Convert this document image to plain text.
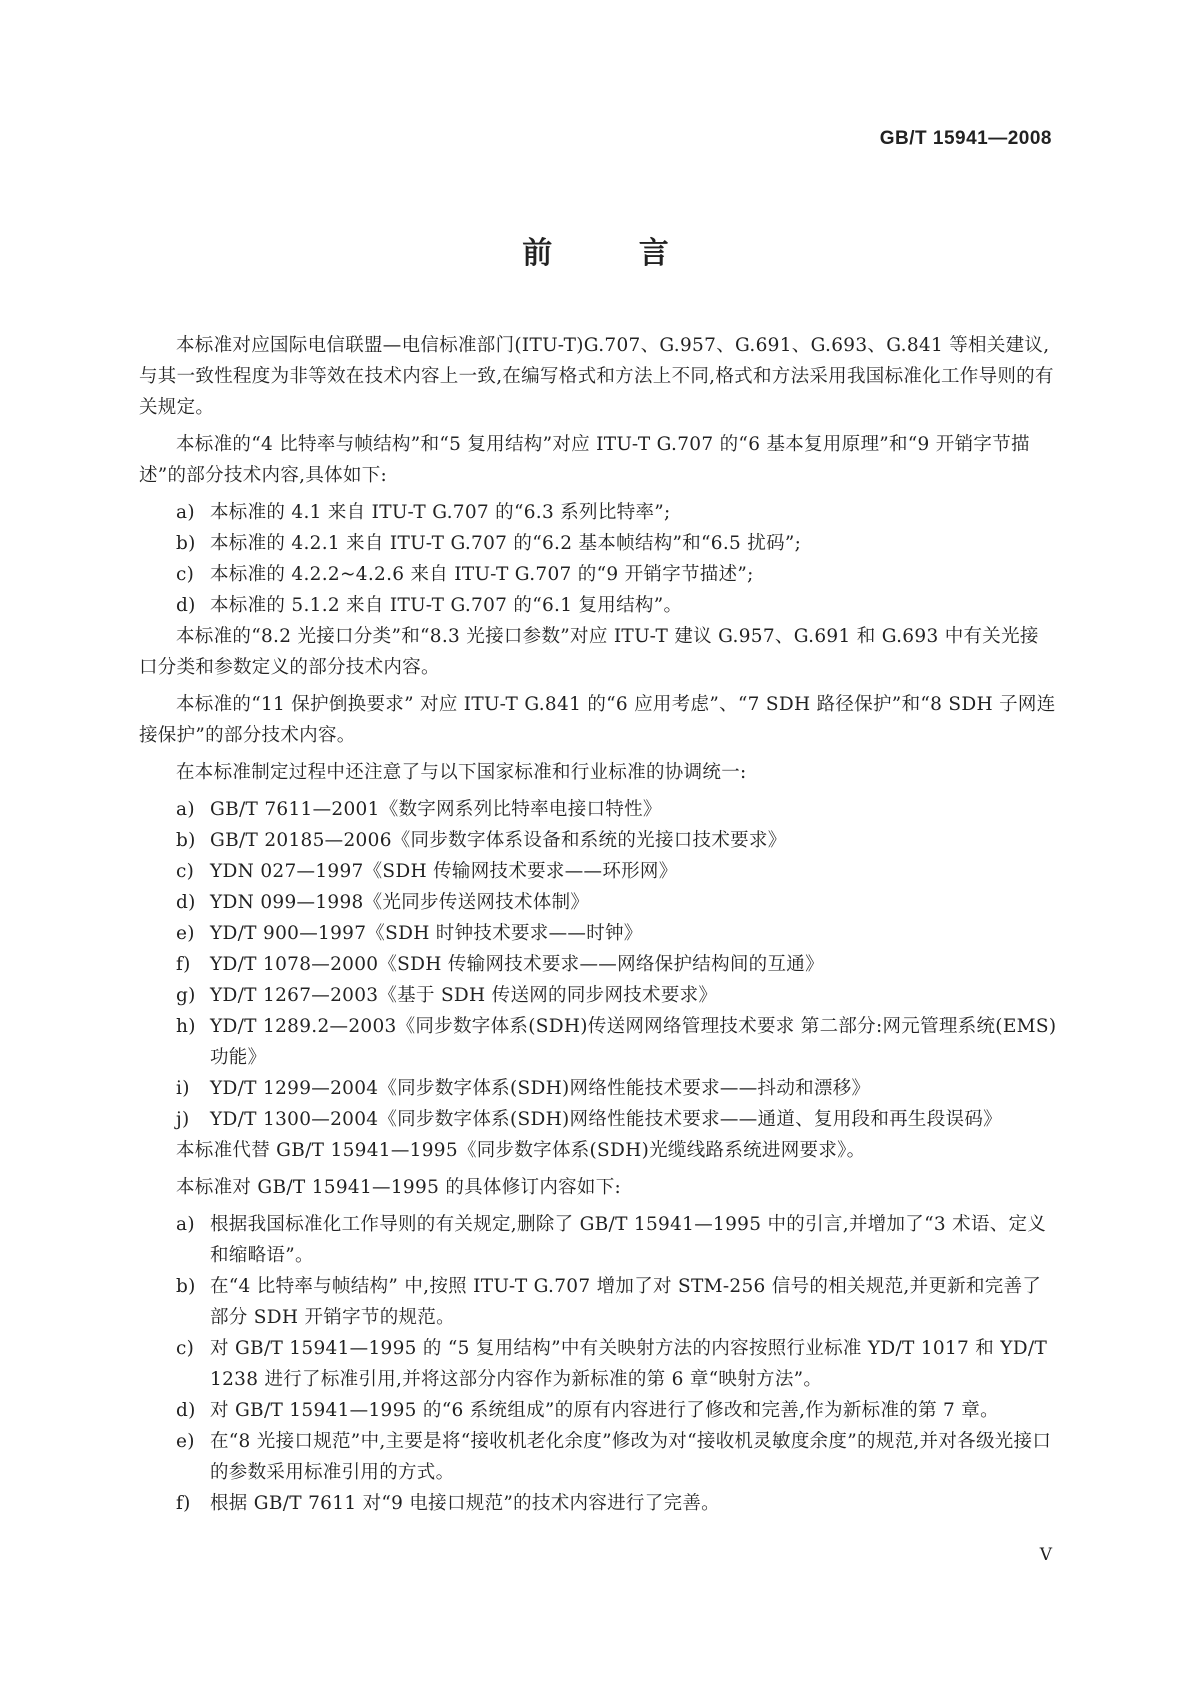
GB/T 15941—2008

前 言

本标准对应国际电信联盟—电信标准部门(ITU-T)G.707、G.957、G.691、G.693、G.841 等相关建议,与其一致性程度为非等效在技术内容上一致,在编写格式和方法上不同,格式和方法采用我国标准化工作导则的有关规定。

本标准的“4 比特率与帧结构”和“5 复用结构”对应 ITU-T G.707 的“6 基本复用原理”和“9 开销字节描述”的部分技术内容,具体如下:

a) 本标准的 4.1 来自 ITU-T G.707 的“6.3 系列比特率”;
b) 本标准的 4.2.1 来自 ITU-T G.707 的“6.2 基本帧结构”和“6.5 扰码”;
c) 本标准的 4.2.2~4.2.6 来自 ITU-T G.707 的“9 开销字节描述”;
d) 本标准的 5.1.2 来自 ITU-T G.707 的“6.1 复用结构”。

本标准的“8.2 光接口分类”和“8.3 光接口参数”对应 ITU-T 建议 G.957、G.691 和 G.693 中有关光接口分类和参数定义的部分技术内容。

本标准的“11 保护倒换要求” 对应 ITU-T G.841 的“6 应用考虑”、“7 SDH 路径保护”和“8 SDH 子网连接保护”的部分技术内容。

在本标准制定过程中还注意了与以下国家标准和行业标准的协调统一:

a) GB/T 7611—2001《数字网系列比特率电接口特性》
b) GB/T 20185—2006《同步数字体系设备和系统的光接口技术要求》
c) YDN 027—1997《SDH 传输网技术要求——环形网》
d) YDN 099—1998《光同步传送网技术体制》
e) YD/T 900—1997《SDH 时钟技术要求——时钟》
f)	YD/T 1078—2000《SDH 传输网技术要求——网络保护结构间的互通》
g) YD/T 1267—2003《基于 SDH 传送网的同步网技术要求》
h) YD/T 1289.2—2003《同步数字体系(SDH)传送网网络管理技术要求 第二部分:网元管理系统(EMS)功能》
i)	YD/T 1299—2004《同步数字体系(SDH)网络性能技术要求——抖动和漂移》
j)	YD/T 1300—2004《同步数字体系(SDH)网络性能技术要求——通道、复用段和再生段误码》

本标准代替 GB/T 15941—1995《同步数字体系(SDH)光缆线路系统进网要求》。

本标准对 GB/T 15941—1995 的具体修订内容如下:

a) 根据我国标准化工作导则的有关规定,删除了 GB/T 15941—1995 中的引言,并增加了“3 术语、定义和缩略语”。
b) 在“4 比特率与帧结构” 中,按照 ITU-T G.707 增加了对 STM-256 信号的相关规范,并更新和完善了部分 SDH 开销字节的规范。
c) 对 GB/T 15941—1995 的 “5 复用结构”中有关映射方法的内容按照行业标准 YD/T 1017 和 YD/T 1238 进行了标准引用,并将这部分内容作为新标准的第 6 章“映射方法”。
d) 对 GB/T 15941—1995 的“6 系统组成”的原有内容进行了修改和完善,作为新标准的第 7 章。
e) 在“8 光接口规范”中,主要是将“接收机老化余度”修改为对“接收机灵敏度余度”的规范,并对各级光接口的参数采用标准引用的方式。
f)	根据 GB/T 7611 对“9 电接口规范”的技术内容进行了完善。

V
